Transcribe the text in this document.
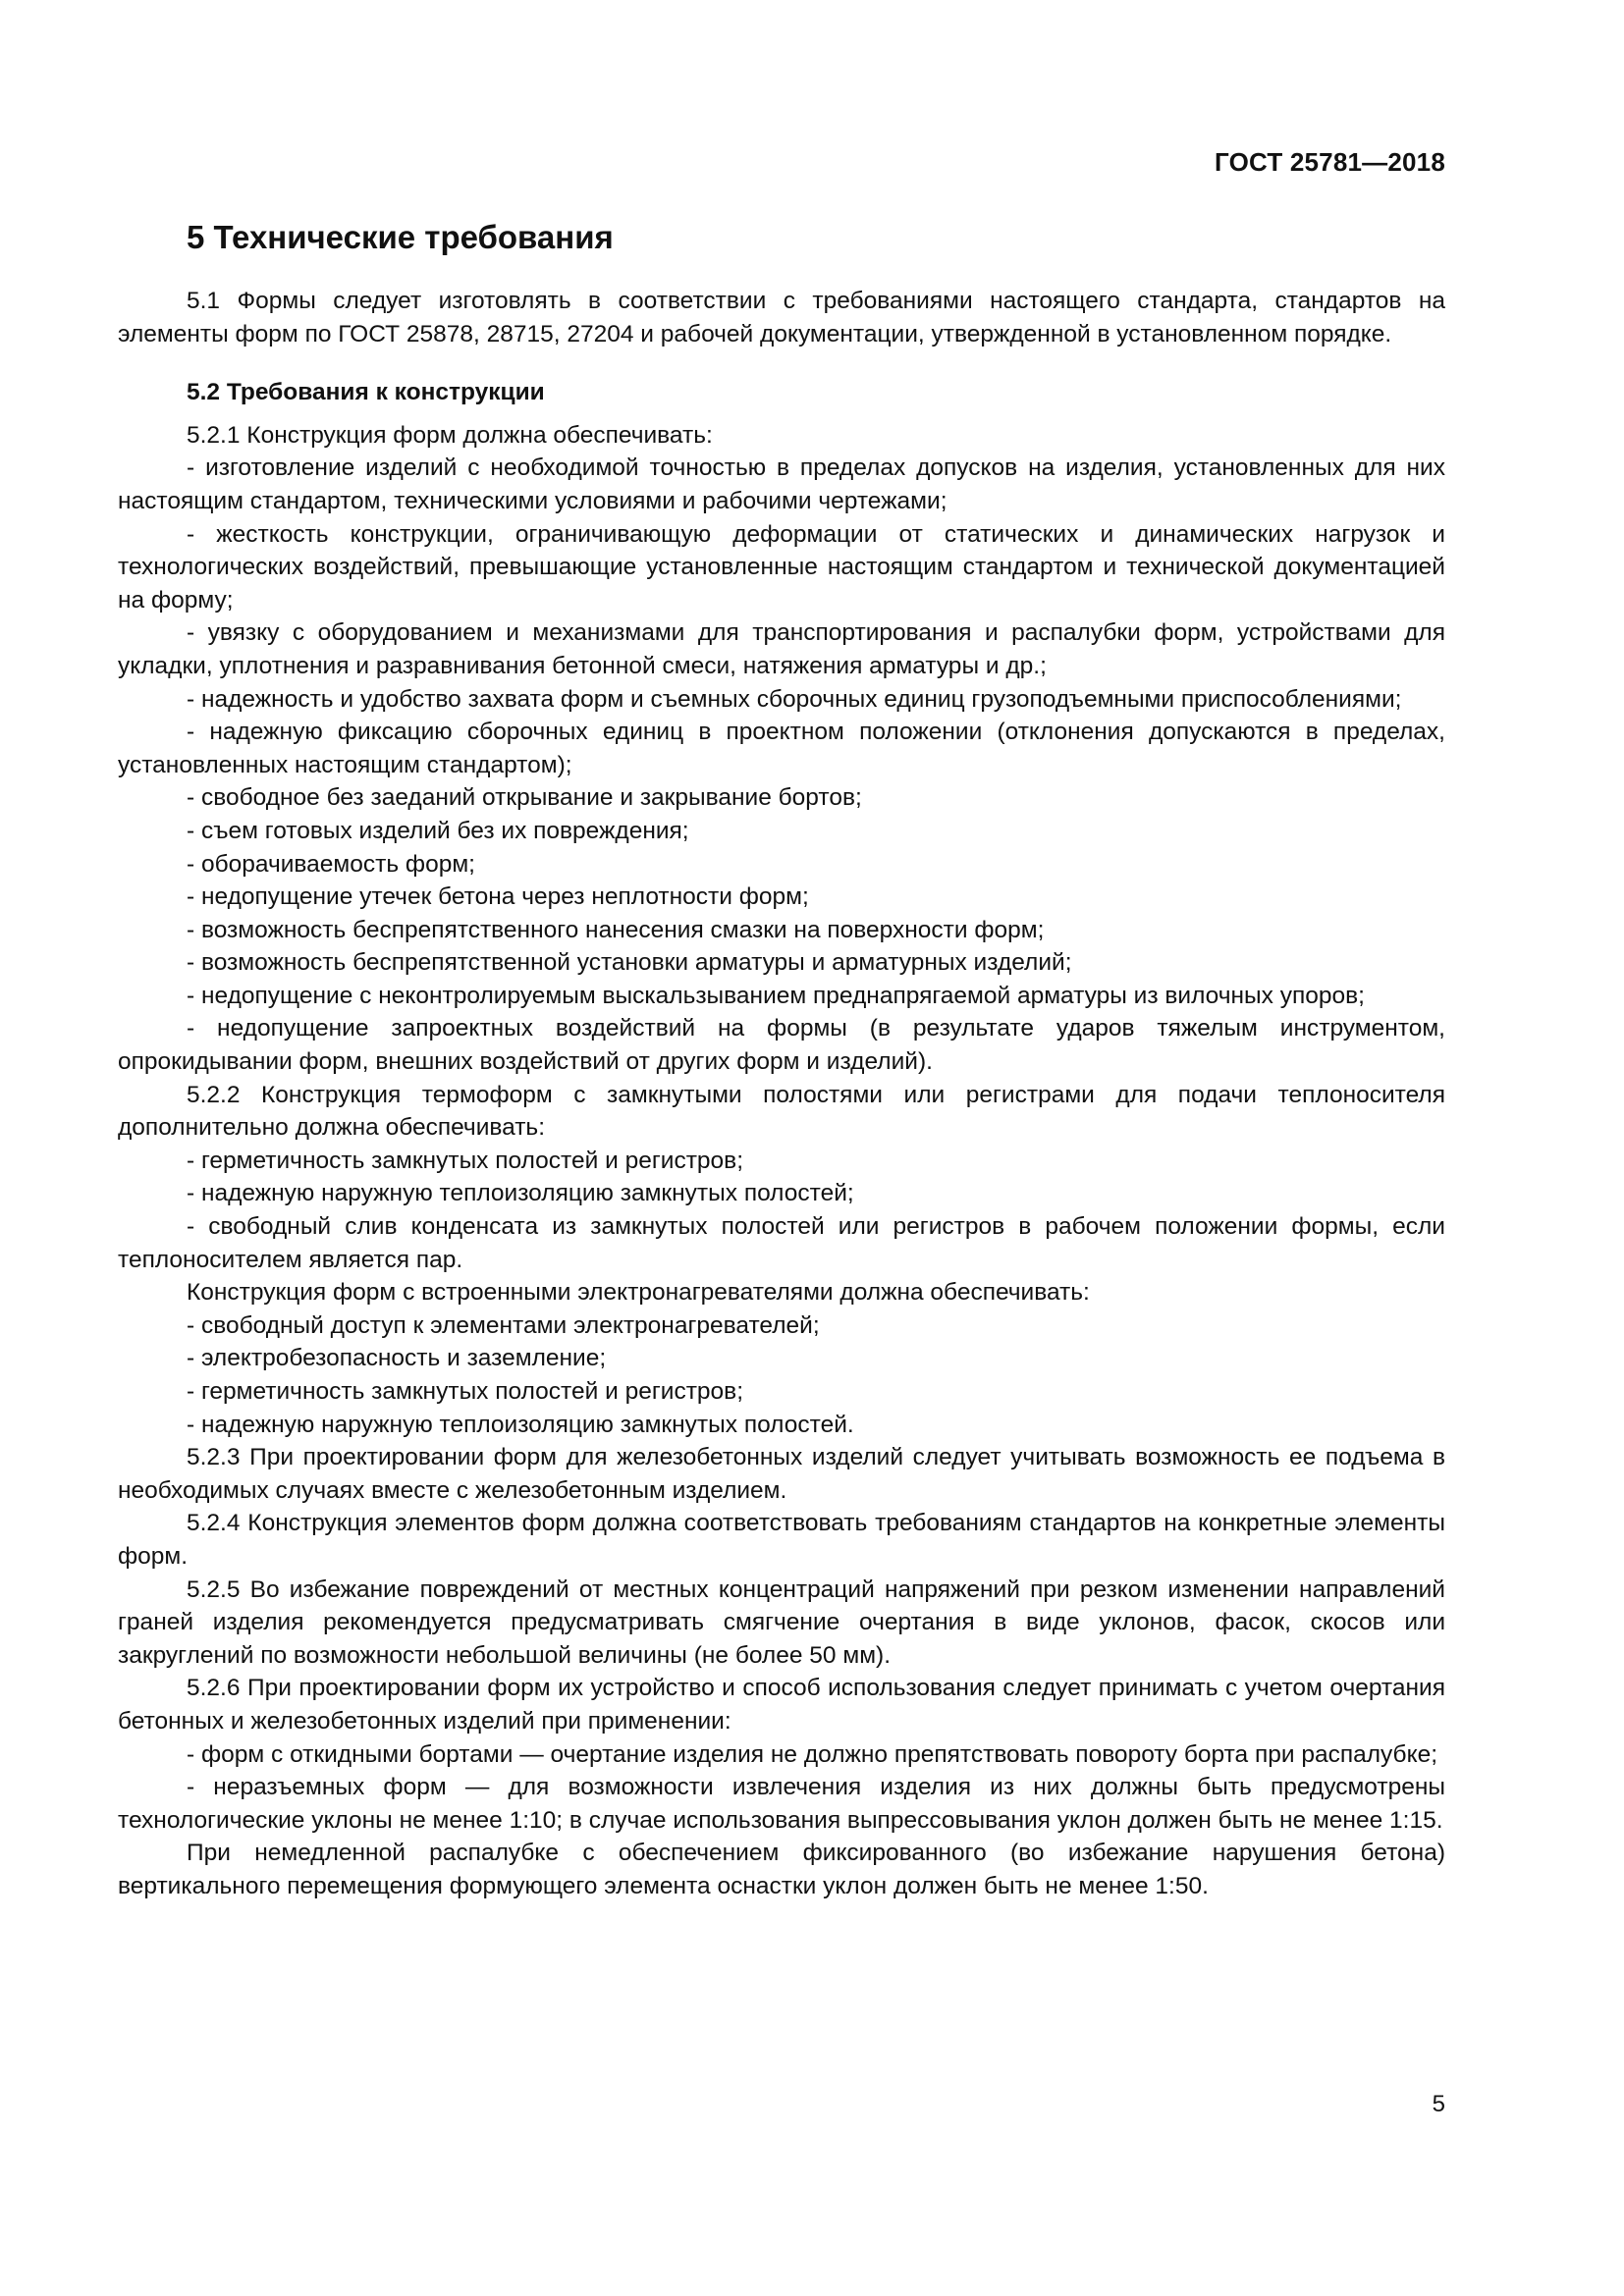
ГОСТ 25781—2018
5 Технические требования

5.1 Формы следует изготовлять в соответствии с требованиями настоящего стандарта, стандартов на элементы форм по ГОСТ 25878, 28715, 27204 и рабочей документации, утвержденной в установленном порядке.

5.2 Требования к конструкции

5.2.1 Конструкция форм должна обеспечивать:

- изготовление изделий с необходимой точностью в пределах допусков на изделия, установленных для них настоящим стандартом, техническими условиями и рабочими чертежами;

- жесткость конструкции, ограничивающую деформации от статических и динамических нагрузок и технологических воздействий, превышающие установленные настоящим стандартом и технической документацией на форму;

- увязку с оборудованием и механизмами для транспортирования и распалубки форм, устройствами для укладки, уплотнения и разравнивания бетонной смеси, натяжения арматуры и др.;

- надежность и удобство захвата форм и съемных сборочных единиц грузоподъемными приспособлениями;

- надежную фиксацию сборочных единиц в проектном положении (отклонения допускаются в пределах, установленных настоящим стандартом);

- свободное без заеданий открывание и закрывание бортов;

- съем готовых изделий без их повреждения;

- оборачиваемость форм;

- недопущение утечек бетона через неплотности форм;

- возможность беспрепятственного нанесения смазки на поверхности форм;

- возможность беспрепятственной установки арматуры и арматурных изделий;

- недопущение с неконтролируемым выскальзыванием преднапрягаемой арматуры из вилочных упоров;

- недопущение запроектных воздействий на формы (в результате ударов тяжелым инструментом, опрокидывании форм, внешних воздействий от других форм и изделий).

5.2.2 Конструкция термоформ с замкнутыми полостями или регистрами для подачи теплоносителя дополнительно должна обеспечивать:

- герметичность замкнутых полостей и регистров;

- надежную наружную теплоизоляцию замкнутых полостей;

- свободный слив конденсата из замкнутых полостей или регистров в рабочем положении формы, если теплоносителем является пар.

Конструкция форм с встроенными электронагревателями должна обеспечивать:

- свободный доступ к элементами электронагревателей;

- электробезопасность и заземление;

- герметичность замкнутых полостей и регистров;

- надежную наружную теплоизоляцию замкнутых полостей.

5.2.3 При проектировании форм для железобетонных изделий следует учитывать возможность ее подъема в необходимых случаях вместе с железобетонным изделием.

5.2.4 Конструкция элементов форм должна соответствовать требованиям стандартов на конкретные элементы форм.

5.2.5 Во избежание повреждений от местных концентраций напряжений при резком изменении направлений граней изделия рекомендуется предусматривать смягчение очертания в виде уклонов, фасок, скосов или закруглений по возможности небольшой величины (не более 50 мм).

5.2.6 При проектировании форм их устройство и способ использования следует принимать с учетом очертания бетонных и железобетонных изделий при применении:

- форм с откидными бортами — очертание изделия не должно препятствовать повороту борта при распалубке;

- неразъемных форм — для возможности извлечения изделия из них должны быть предусмотрены технологические уклоны не менее 1:10; в случае использования выпрессовывания уклон должен быть не менее 1:15.

При немедленной распалубке с обеспечением фиксированного (во избежание нарушения бетона) вертикального перемещения формующего элемента оснастки уклон должен быть не менее 1:50.

5
